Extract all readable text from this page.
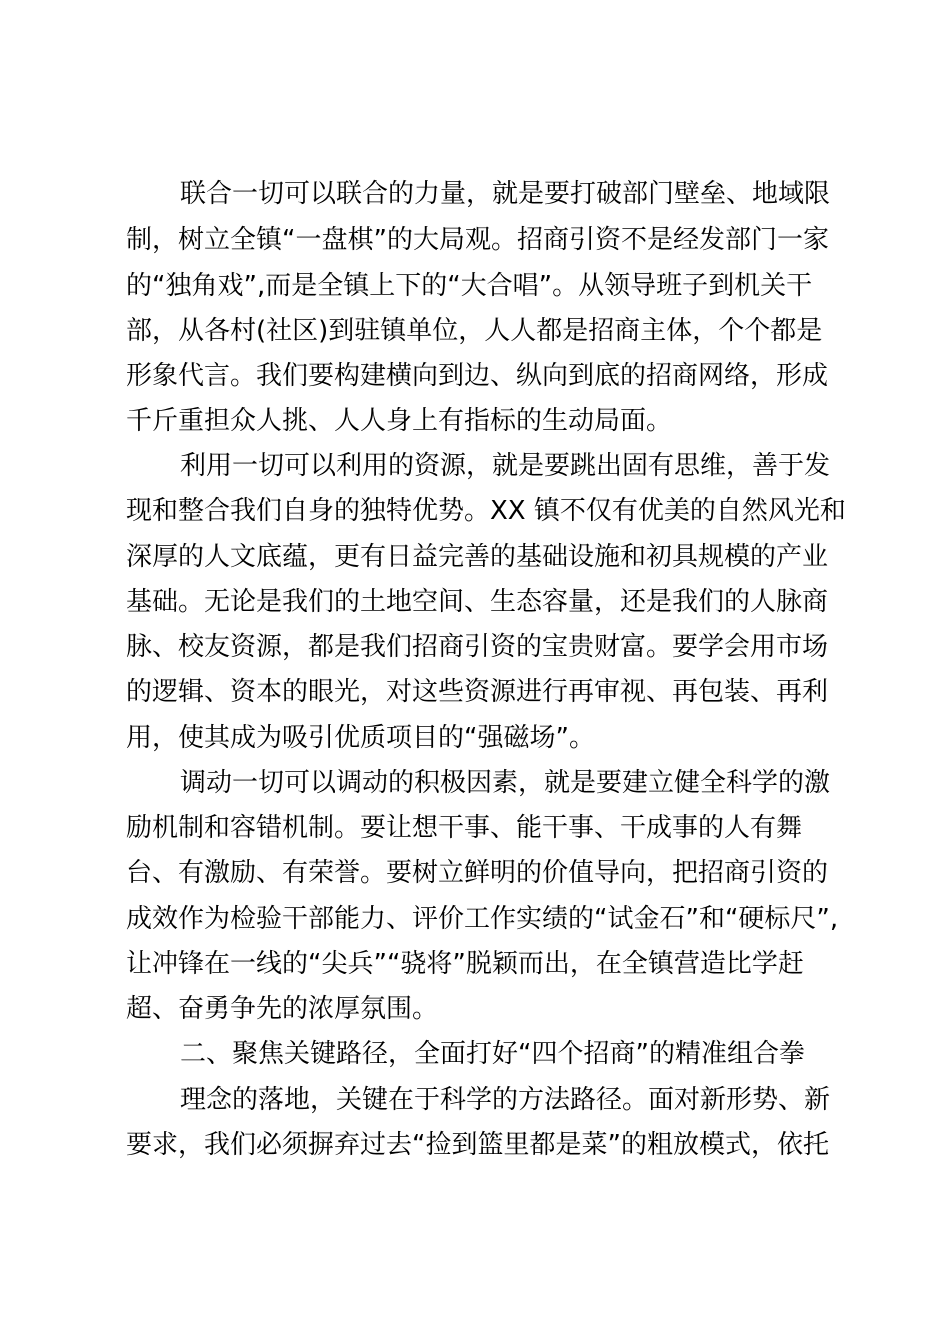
联合一切可以联合的力量，就是要打破部门壁垒、地域限
制，树立全镇“一盘棋”的大局观。招商引资不是经发部门一家
的“独角戏”,而是全镇上下的“大合唱”。从领导班子到机关干
部，从各村(社区)到驻镇单位，人人都是招商主体，个个都是
形象代言。我们要构建横向到边、纵向到底的招商网络，形成
千斤重担众人挑、人人身上有指标的生动局面。
利用一切可以利用的资源，就是要跳出固有思维，善于发
现和整合我们自身的独特优势。XX 镇不仅有优美的自然风光和
深厚的人文底蕴，更有日益完善的基础设施和初具规模的产业
基础。无论是我们的土地空间、生态容量，还是我们的人脉商
脉、校友资源，都是我们招商引资的宝贵财富。要学会用市场
的逻辑、资本的眼光，对这些资源进行再审视、再包装、再利
用，使其成为吸引优质项目的“强磁场”。
调动一切可以调动的积极因素，就是要建立健全科学的激
励机制和容错机制。要让想干事、能干事、干成事的人有舞
台、有激励、有荣誉。要树立鲜明的价值导向，把招商引资的
成效作为检验干部能力、评价工作实绩的“试金石”和“硬标尺”,
让冲锋在一线的“尖兵”“骁将”脱颖而出，在全镇营造比学赶
超、奋勇争先的浓厚氛围。
二、聚焦关键路径，全面打好“四个招商”的精准组合拳
理念的落地，关键在于科学的方法路径。面对新形势、新
要求，我们必须摒弃过去“捡到篮里都是菜”的粗放模式，依托
